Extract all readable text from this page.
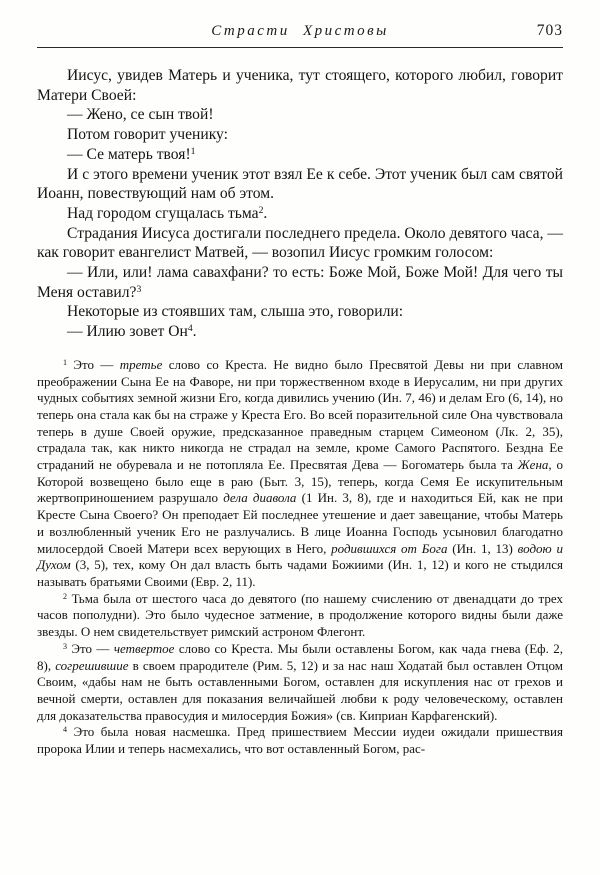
Страсти Христовы	703

Иисус, увидев Матерь и ученика, тут стоящего, которого любил, говорит Матери Своей:

— Жено, се сын твой!

Потом говорит ученику:

— Се матерь твоя!$^1$

И с этого времени ученик этот взял Ее к себе. Этот ученик был сам святой Иоанн, повествующий нам об этом.

Над городом сгущалась тьма$^2$.

Страдания Иисуса достигали последнего предела. Около девятого часа, — как говорит евангелист Матвей, — возопил Иисус громким голосом:

— Или, или! лама савахфани? то есть: Боже Мой, Боже Мой! Для чего ты Меня оставил?$^3$

Некоторые из стоявших там, слыша это, говорили:

— Илию зовет $Он^4$.

$^1$ Это — третье слово со Креста. Не видно было Пресвятой Девы ни при славном преображении Сына Ее на Фаворе, ни при торжественном входе в Иерусалим, ни при других чудных событиях земной жизни Его, когда дивились учению (Ин. 7, 46) и делам Его (6, 14), но теперь она стала как бы на страже у Креста Его. Во всей поразительной силе Она чувствовала теперь в душе Своей оружие, предсказанное праведным старцем Симеоном (Лк. 2, 35), страдала так, как никто никогда не страдал на земле, кроме Самого Распятого. Бездна Ее страданий не обуревала и не потопляла Ее. Пресвятая Дева — Богоматерь была та Жена, о Которой возвещено было еще в раю (Быт. 3, 15), теперь, когда Семя Ее искупительным жертвоприношением разрушало дела диавола (1 Ин. 3, 8), где и находиться Ей, как не при Кресте Сына Своего? Он преподает Ей последнее утешение и дает завещание, чтобы Матерь и возлюбленный ученик Его не разлучались. В лице Иоанна Господь усыновил благодатно милосердой Своей Матери всех верующих в Него, родившихся от Бога (Ин. 1, 13) водою и Духом (3, 5), тех, кому Он дал власть быть чадами Божиими (Ин. 1, 12) и кого не стыдился называть братьями Своими (Евр. 2, 11).

$^2$ Тьма была от шестого часа до девятого (по нашему счислению от двенадцати до трех часов пополудни). Это было чудесное затмение, в продолжение которого видны были даже звезды. О нем свидетельствует римский астроном Флегонт.

$^3$ Это — четвертое слово со Креста. Мы были оставлены Богом, как чада гнева (Еф. 2, 8), согрешившие в своем прародителе (Рим. 5, 12) и за нас наш Ходатай был оставлен Отцом Своим, «дабы нам не быть оставленными Богом, оставлен для искупления нас от грехов и вечной смерти, оставлен для показания величайшей любви к роду человеческому, оставлен для доказательства правосудия и милосердия Божия» (св. Киприан Карфагенский).

$^4$ Это была новая насмешка. Пред пришествием Мессии иудеи ожидали пришествия пророка Илии и теперь насмехались, что вот оставленный Богом, рас-
